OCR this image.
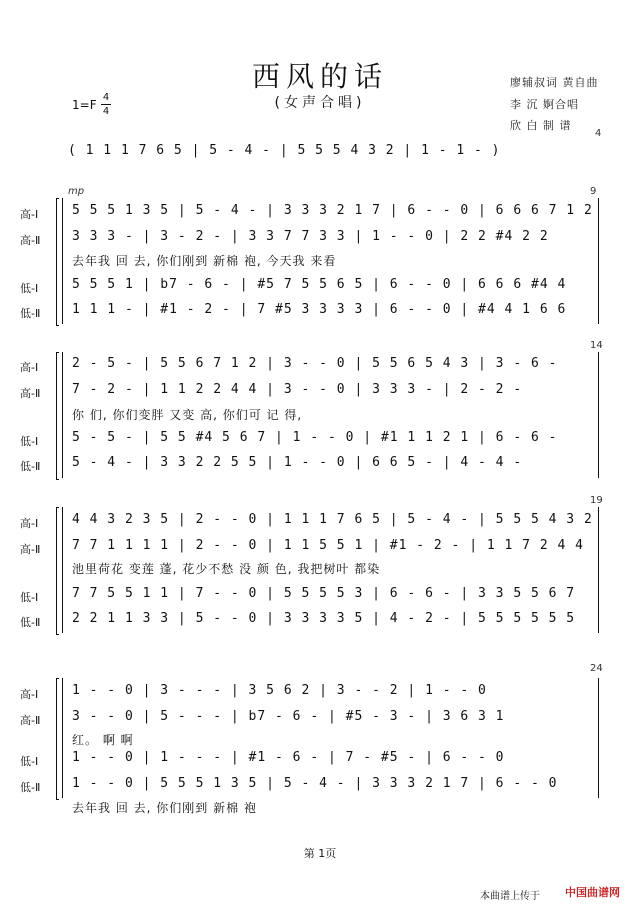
西风的话
(女声合唱)
廖辅叔词 黄自曲
李 沉 婀合唱
欣 白 制 谱
1=F
4
4
( 1 1 1 7 6 5 | 5 - 4 - | 5 5 5 4 3 2 | 1 - 1 - )
4
9
mp
高-Ⅰ	5 5 5 1 3 5 | 5 - 4 - | 3 3 3 2 1 7 | 6 - - 0 | 6 6 6 7 1 2
高-Ⅱ	3 3 3 - | 3 - 2 - | 3 3 7 7 3 3 | 1 - - 0 | 2 2 #4 2 2
去年我 回 去, 你们刚到 新棉 袍, 今天我 来看
低-Ⅰ	5 5 5 1 | b7 - 6 - | #5 7 5 5 6 5 | 6 - - 0 | 6 6 6 #4 4
低-Ⅱ	1 1 1 - | #1 - 2 - | 7 #5 3 3 3 3 | 6 - - 0 | #4 4 1 6 6
14
高-Ⅰ	2 - 5 - | 5 5 6 7 1 2 | 3 - - 0 | 5 5 6 5 4 3 | 3 - 6 -
高-Ⅱ	7 - 2 - | 1 1 2 2 4 4 | 3 - - 0 | 3 3 3 - | 2 - 2 -
你 们, 你们变胖 又变 高, 你们可 记 得,
低-Ⅰ	5 - 5 - | 5 5 #4 5 6 7 | 1 - - 0 | #1 1 1 2 1 | 6 - 6 -
低-Ⅱ	5 - 4 - | 3 3 2 2 5 5 | 1 - - 0 | 6 6 5 - | 4 - 4 -
19
高-Ⅰ	4 4 3 2 3 5 | 2 - - 0 | 1 1 1 7 6 5 | 5 - 4 - | 5 5 5 4 3 2
高-Ⅱ	7 7 1 1 1 1 | 2 - - 0 | 1 1 5 5 1 | #1 - 2 - | 1 1 7 2 4 4
池里荷花 变莲 蓬, 花少不愁 没 颜 色, 我把树叶 都染
低-Ⅰ	7 7 5 5 1 1 | 7 - - 0 | 5 5 5 5 3 | 6 - 6 - | 3 3 5 5 6 7
低-Ⅱ	2 2 1 1 3 3 | 5 - - 0 | 3 3 3 3 5 | 4 - 2 - | 5 5 5 5 5 5
24
高-Ⅰ	1 - - 0 | 3 - - - | 3 5 6 2 | 3 - - 2 | 1 - - 0
高-Ⅱ	3 - - 0 | 5 - - - | b7 - 6 - | #5 - 3 - | 3 6 3 1
红。 啊 啊
低-Ⅰ	1 - - 0 | 1 - - - | #1 - 6 - | 7 - #5 - | 6 - - 0
低-Ⅱ	1 - - 0 | 5 5 5 1 3 5 | 5 - 4 - | 3 3 3 2 1 7 | 6 - - 0
去年我 回 去, 你们刚到 新棉 袍
第 1页
本曲谱上传于 中国曲谱网
